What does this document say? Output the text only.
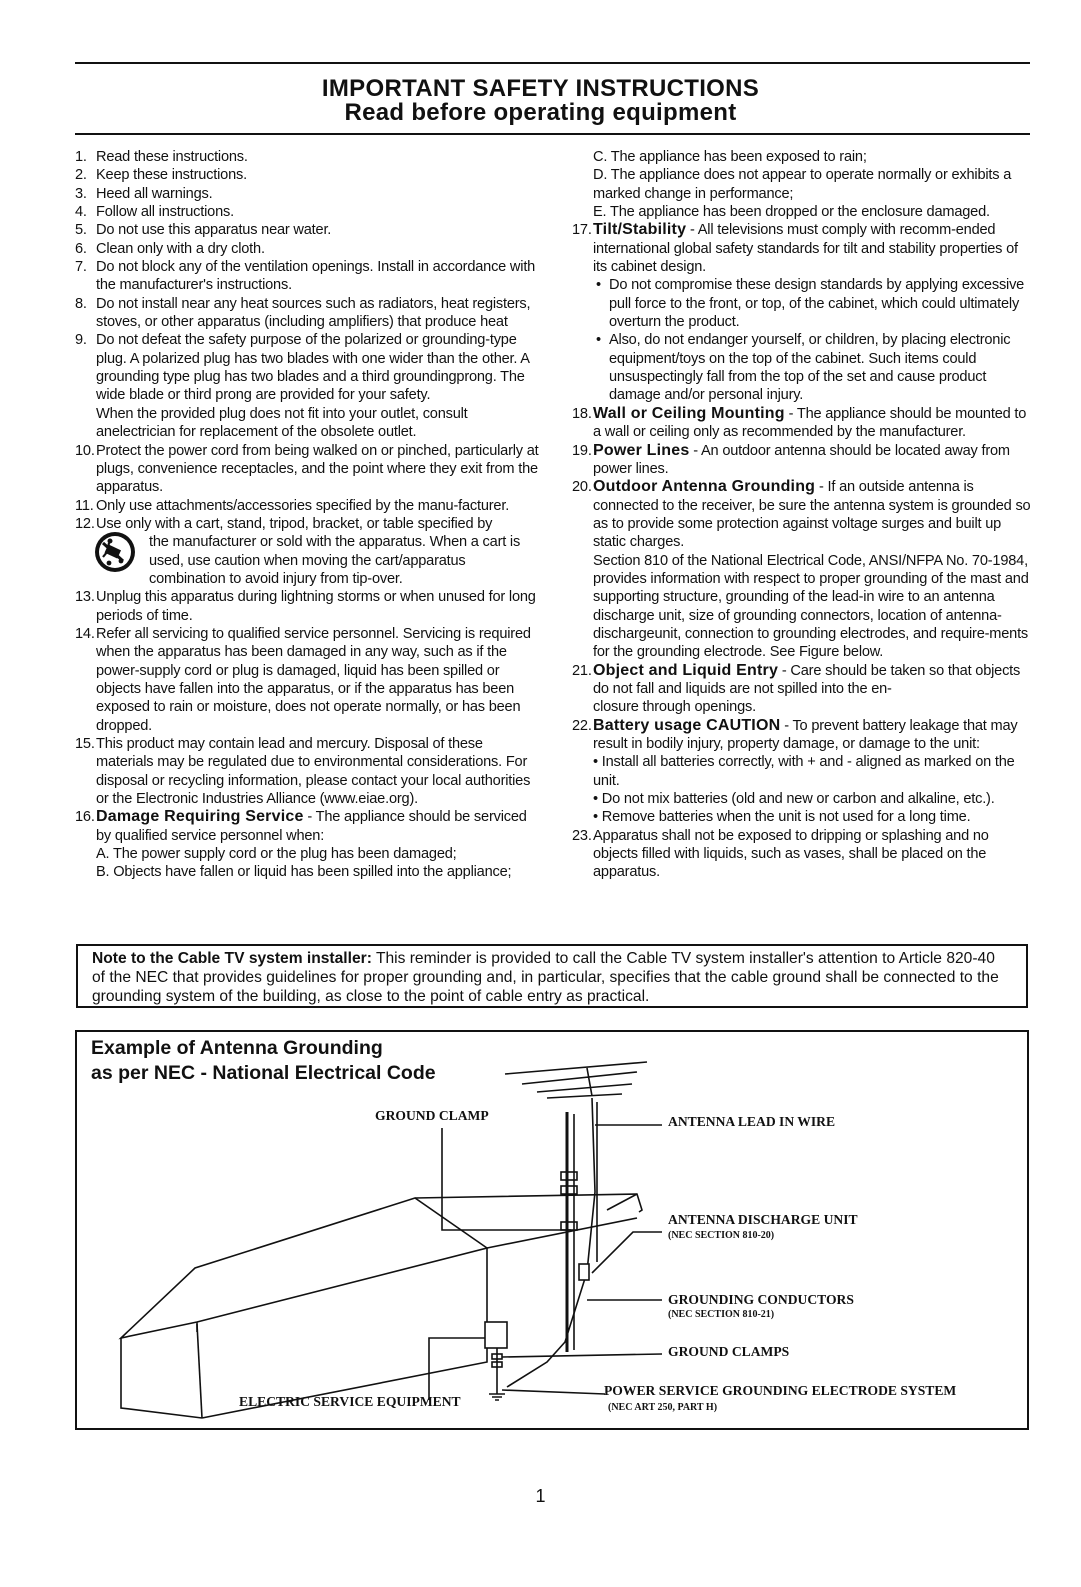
IMPORTANT SAFETY INSTRUCTIONS
Read before operating equipment

1. Read these instructions.

2. Keep these instructions.

3. Heed all warnings.

4. Follow all instructions.

5. Do not use this apparatus near water.

6. Clean only with a dry cloth.

7. Do not block any of the ventilation openings. Install in accordance with the manufacturer's instructions.

8. Do not install near any heat sources such as radiators, heat registers, stoves, or other apparatus (including amplifiers) that produce heat

9. Do not defeat the safety purpose of the polarized or grounding-type plug. A polarized plug has two blades with one wider than the other. A grounding type plug has two blades and a third groundingprong. The wide blade or third prong are provided for your safety.

When the provided plug does not fit into your outlet, consult anelectrician for replacement of the obsolete outlet.

10. Protect the power cord from being walked on or pinched, particularly at plugs, convenience receptacles, and the point where they exit from the apparatus.

11. Only use attachments/accessories specified by the manu-facturer.

12. Use only with a cart, stand, tripod, bracket, or table specified by

the manufacturer or sold with the apparatus. When a cart is used, use caution when moving the cart/apparatus combination to avoid injury from tip-over.

13. Unplug this apparatus during lightning storms or when unused for long periods of time.

14. Refer all servicing to qualified service personnel. Servicing is required when the apparatus has been damaged in any way, such as if the power-supply cord or plug is damaged, liquid has been spilled or objects have fallen into the apparatus, or if the apparatus has been exposed to rain or moisture, does not operate normally, or has been dropped.

15. This product may contain lead and mercury. Disposal of these materials may be regulated due to environmental considerations. For disposal or recycling information, please contact your local authorities or the Electronic Industries Alliance (www.eiae.org).

16. Damage Requiring Service - The appliance should be serviced by qualified service personnel when:

A. The power supply cord or the plug has been damaged;

B. Objects have fallen or liquid has been spilled into the appliance;

C. The appliance has been exposed to rain;

D. The appliance does not appear to operate normally or exhibits a marked change in performance;

E. The appliance has been dropped or the enclosure damaged.

17. Tilt/Stability - All televisions must comply with recomm-ended international global safety standards for tilt and stability properties of its cabinet design.

• Do not compromise these design standards by applying excessive pull force to the front, or top, of the cabinet, which could ultimately overturn the product.

• Also, do not endanger yourself, or children, by placing electronic equipment/toys on the top of the cabinet. Such items could unsuspectingly fall from the top of the set and cause product damage and/or personal injury.

18. Wall or Ceiling Mounting - The appliance should be mounted to a wall or ceiling only as recommended by the manufacturer.

19. Power Lines - An outdoor antenna should be located away from power lines.

20. Outdoor Antenna Grounding - If an outside antenna is connected to the receiver, be sure the antenna system is grounded so as to provide some protection against voltage surges and built up static charges.

Section 810 of the National Electrical Code, ANSI/NFPA No. 70-1984, provides information with respect to proper grounding of the mast and supporting structure, grounding of the lead-in wire to an antenna discharge unit, size of grounding connectors, location of antenna-dischargeunit, connection to grounding electrodes, and require-ments for the grounding electrode. See Figure below.

21. Object and Liquid Entry - Care should be taken so that objects do not fall and liquids are not spilled into the en-

closure through openings.

22. Battery usage CAUTION - To prevent battery leakage that may result in bodily injury, property damage, or damage to the unit:

• Install all batteries correctly, with + and - aligned as marked on the unit.

• Do not mix batteries (old and new or carbon and alkaline, etc.).

• Remove batteries when the unit is not used for a long time.

23. Apparatus shall not be exposed to dripping or splashing and no objects filled with liquids, such as vases, shall be placed on the apparatus.

Note to the Cable TV system installer: This reminder is provided to call the Cable TV system installer's attention to Article 820-40 of the NEC that provides guidelines for proper grounding and, in particular, specifies that the cable ground shall be connected to the grounding system of the building, as close to the point of cable entry as practical.
Example of Antenna Grounding
as per NEC - National Electrical Code
GROUND CLAMP	ANTENNA LEAD IN WIRE
ANTENNA DISCHARGE UNIT
(NEC SECTION 810-20)
GROUNDING CONDUCTORS
(NEC SECTION 810-21)
GROUND CLAMPS
ELECTRIC SERVICE EQUIPMENT
POWER SERVICE GROUNDING ELECTRODE SYSTEM
(NEC ART 250, PART H)
1
